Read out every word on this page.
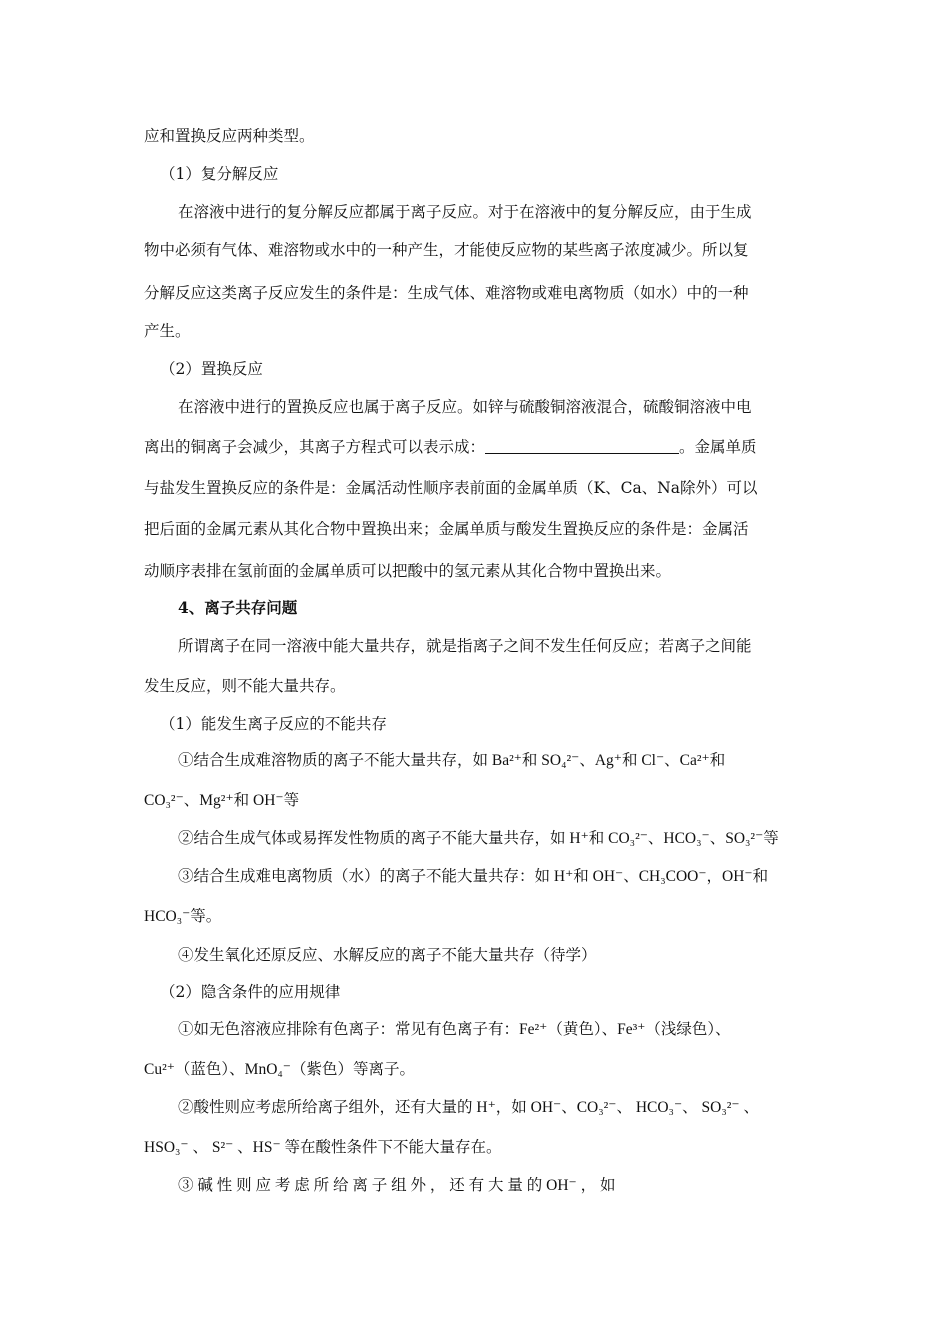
应和置换反应两种类型。
（1）复分解反应
在溶液中进行的复分解反应都属于离子反应。对于在溶液中的复分解反应，由于生成
物中必须有气体、难溶物或水中的一种产生，才能使反应物的某些离子浓度减少。所以复
分解反应这类离子反应发生的条件是：生成气体、难溶物或难电离物质（如水）中的一种
产生。
（2）置换反应
在溶液中进行的置换反应也属于离子反应。如锌与硫酸铜溶液混合，硫酸铜溶液中电
离出的铜离子会减少，其离子方程式可以表示成：	。金属单质
与盐发生置换反应的条件是：金属活动性顺序表前面的金属单质（K、Ca、Na除外）可以
把后面的金属元素从其化合物中置换出来；金属单质与酸发生置换反应的条件是：金属活
动顺序表排在氢前面的金属单质可以把酸中的氢元素从其化合物中置换出来。
4、离子共存问题
所谓离子在同一溶液中能大量共存，就是指离子之间不发生任何反应；若离子之间能
发生反应，则不能大量共存。
（1）能发生离子反应的不能共存
①结合生成难溶物质的离子不能大量共存，如 Ba²⁺和 SO₄²⁻、Ag⁺和 Cl⁻、Ca²⁺和
CO₃²⁻、Mg²⁺和 OH⁻等
②结合生成气体或易挥发性物质的离子不能大量共存，如 H⁺和 CO₃²⁻、HCO₃⁻、SO₃²⁻等
③结合生成难电离物质（水）的离子不能大量共存：如 H⁺和 OH⁻、CH₃COO⁻，OH⁻和
HCO₃⁻等。
④发生氧化还原反应、水解反应的离子不能大量共存（待学）
（2）隐含条件的应用规律
①如无色溶液应排除有色离子：常见有色离子有：Fe²⁺（黄色）、Fe³⁺（浅绿色）、
Cu²⁺（蓝色）、MnO₄⁻（紫色）等离子。
②酸性则应考虑所给离子组外，还有大量的 H⁺，如 OH⁻、CO₃²⁻、 HCO₃⁻、 SO₃²⁻ 、
HSO₃⁻ 、 S²⁻ 、HS⁻ 等在酸性条件下不能大量存在。
③ 碱 性 则 应 考 虑 所 给 离 子 组 外 ， 还 有 大 量 的 OH⁻ ， 如
